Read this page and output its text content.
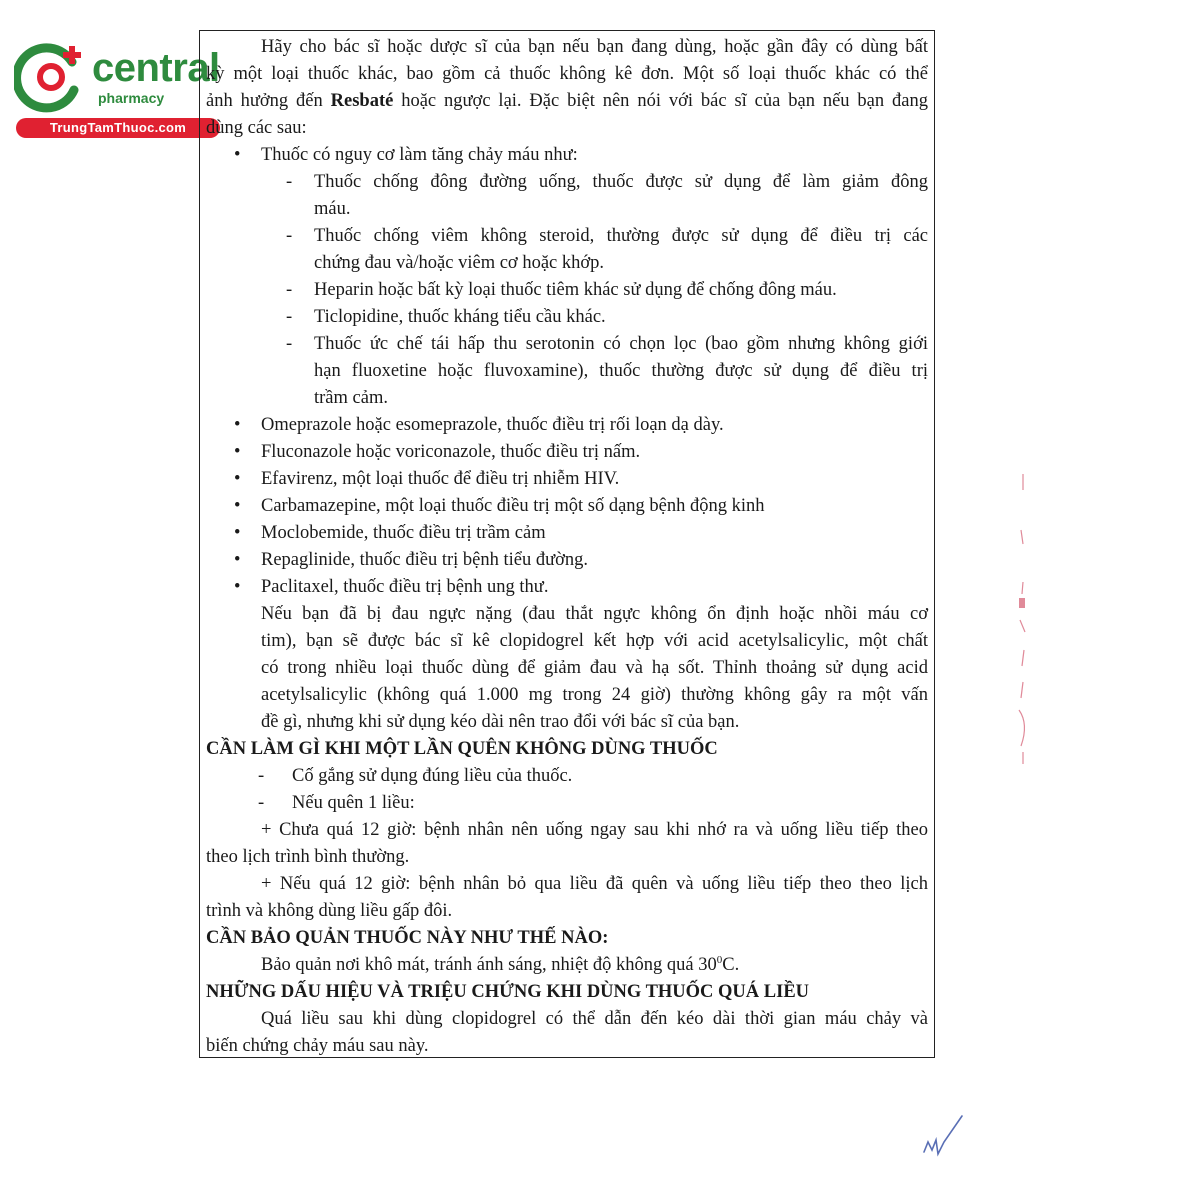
central
pharmacy
TrungTamThuoc.com
Hãy cho bác sĩ hoặc dược sĩ của bạn nếu bạn đang dùng, hoặc gần đây có dùng bất
kỳ một loại thuốc khác, bao gồm cả thuốc không kê đơn. Một số loại thuốc khác có thể
ảnh hưởng đến Resbaté hoặc ngược lại. Đặc biệt nên nói với bác sĩ của bạn nếu bạn đang
dùng các sau:
• Thuốc có nguy cơ làm tăng chảy máu như:
- Thuốc chống đông đường uống, thuốc được sử dụng để làm giảm đông
máu.
- Thuốc chống viêm không steroid, thường được sử dụng để điều trị các
chứng đau và/hoặc viêm cơ hoặc khớp.
- Heparin hoặc bất kỳ loại thuốc tiêm khác sử dụng để chống đông máu.
- Ticlopidine, thuốc kháng tiểu cầu khác.
- Thuốc ức chế tái hấp thu serotonin có chọn lọc (bao gồm nhưng không giới
hạn fluoxetine hoặc fluvoxamine), thuốc thường được sử dụng để điều trị
trầm cảm.
• Omeprazole hoặc esomeprazole, thuốc điều trị rối loạn dạ dày.
• Fluconazole hoặc voriconazole, thuốc điều trị nấm.
• Efavirenz, một loại thuốc để điều trị nhiễm HIV.
• Carbamazepine, một loại thuốc điều trị một số dạng bệnh động kinh
• Moclobemide, thuốc điều trị trầm cảm
• Repaglinide, thuốc điều trị bệnh tiểu đường.
• Paclitaxel, thuốc điều trị bệnh ung thư.
Nếu bạn đã bị đau ngực nặng (đau thắt ngực không ổn định hoặc nhồi máu cơ
tim), bạn sẽ được bác sĩ kê clopidogrel kết hợp với acid acetylsalicylic, một chất
có trong nhiều loại thuốc dùng để giảm đau và hạ sốt. Thỉnh thoảng sử dụng acid
acetylsalicylic (không quá 1.000 mg trong 24 giờ) thường không gây ra một vấn
đề gì, nhưng khi sử dụng kéo dài nên trao đổi với bác sĩ của bạn.
CẦN LÀM GÌ KHI MỘT LẦN QUÊN KHÔNG DÙNG THUỐC
- Cố gắng sử dụng đúng liều của thuốc.
- Nếu quên 1 liều:
+ Chưa quá 12 giờ: bệnh nhân nên uống ngay sau khi nhớ ra và uống liều tiếp theo
theo lịch trình bình thường.
+ Nếu quá 12 giờ: bệnh nhân bỏ qua liều đã quên và uống liều tiếp theo theo lịch
trình và không dùng liều gấp đôi.
CẦN BẢO QUẢN THUỐC NÀY NHƯ THẾ NÀO:
Bảo quản nơi khô mát, tránh ánh sáng, nhiệt độ không quá $30^0C$.
NHỮNG DẤU HIỆU VÀ TRIỆU CHỨNG KHI DÙNG THUỐC QUÁ LIỀU
Quá liều sau khi dùng clopidogrel có thể dẫn đến kéo dài thời gian máu chảy và
biến chứng chảy máu sau này.
